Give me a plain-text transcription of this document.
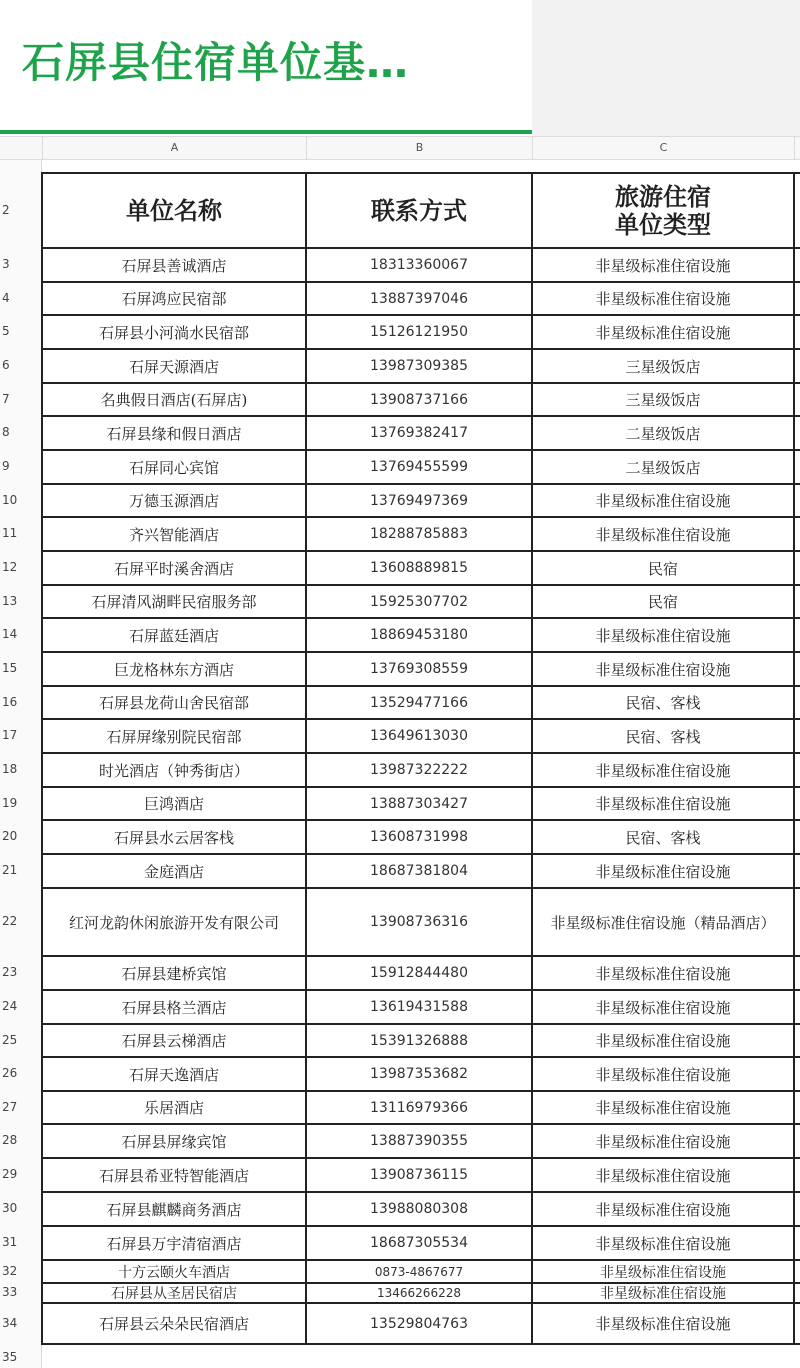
石屏县住宿单位基…
A	B	C
2	单位名称	联系方式	旅游住宿
单位类型
3	石屏县善诚酒店	18313360067	非星级标准住宿设施
4	石屏鸿应民宿部	13887397046	非星级标准住宿设施
5	石屏县小河淌水民宿部	15126121950	非星级标准住宿设施
6	石屏天源酒店	13987309385	三星级饭店
7	名典假日酒店(石屏店)	13908737166	三星级饭店
8	石屏县缘和假日酒店	13769382417	二星级饭店
9	石屏同心宾馆	13769455599	二星级饭店
10	万德玉源酒店	13769497369	非星级标准住宿设施
11	齐兴智能酒店	18288785883	非星级标准住宿设施
12	石屏平时溪舍酒店	13608889815	民宿
13	石屏清风湖畔民宿服务部	15925307702	民宿
14	石屏蓝廷酒店	18869453180	非星级标准住宿设施
15	巨龙格林东方酒店	13769308559	非星级标准住宿设施
16	石屏县龙荷山舍民宿部	13529477166	民宿、客栈
17	石屏屏缘别院民宿部	13649613030	民宿、客栈
18	时光酒店（钟秀街店）	13987322222	非星级标准住宿设施
19	巨鸿酒店	13887303427	非星级标准住宿设施
20	石屏县水云居客栈	13608731998	民宿、客栈
21	金庭酒店	18687381804	非星级标准住宿设施
22	红河龙韵休闲旅游开发有限公司	13908736316	非星级标准住宿设施（精品酒店）
23	石屏县建桥宾馆	15912844480	非星级标准住宿设施
24	石屏县格兰酒店	13619431588	非星级标准住宿设施
25	石屏县云梯酒店	15391326888	非星级标准住宿设施
26	石屏天逸酒店	13987353682	非星级标准住宿设施
27	乐居酒店	13116979366	非星级标准住宿设施
28	石屏县屏缘宾馆	13887390355	非星级标准住宿设施
29	石屏县希亚特智能酒店	13908736115	非星级标准住宿设施
30	石屏县麒麟商务酒店	13988080308	非星级标准住宿设施
31	石屏县万宇清宿酒店	18687305534	非星级标准住宿设施
32	十方云颐火车酒店	0873-4867677	非星级标准住宿设施
33	石屏县从圣居民宿店	13466266228	非星级标准住宿设施
34	石屏县云朵朵民宿酒店	13529804763	非星级标准住宿设施
35
